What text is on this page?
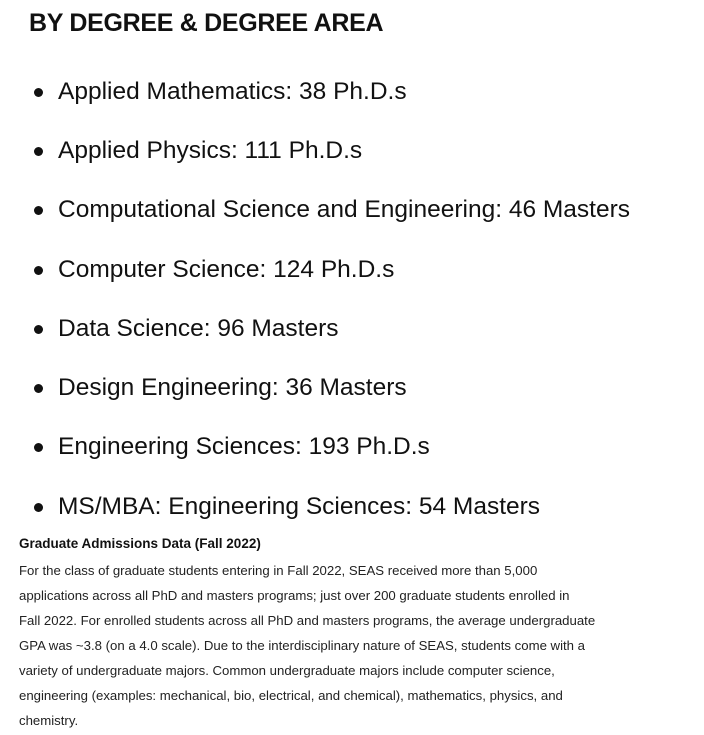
BY DEGREE & DEGREE AREA
Applied Mathematics: 38 Ph.D.s
Applied Physics: 111 Ph.D.s
Computational Science and Engineering: 46 Masters
Computer Science: 124 Ph.D.s
Data Science: 96 Masters
Design Engineering: 36 Masters
Engineering Sciences: 193 Ph.D.s
MS/MBA: Engineering Sciences: 54 Masters
Graduate Admissions Data (Fall 2022)

For the class of graduate students entering in Fall 2022, SEAS received more than 5,000
applications across all PhD and masters programs; just over 200 graduate students enrolled in
Fall 2022. For enrolled students across all PhD and masters programs, the average undergraduate
GPA was ~3.8 (on a 4.0 scale). Due to the interdisciplinary nature of SEAS, students come with a
variety of undergraduate majors. Common undergraduate majors include computer science,
engineering (examples: mechanical, bio, electrical, and chemical), mathematics, physics, and
chemistry.
